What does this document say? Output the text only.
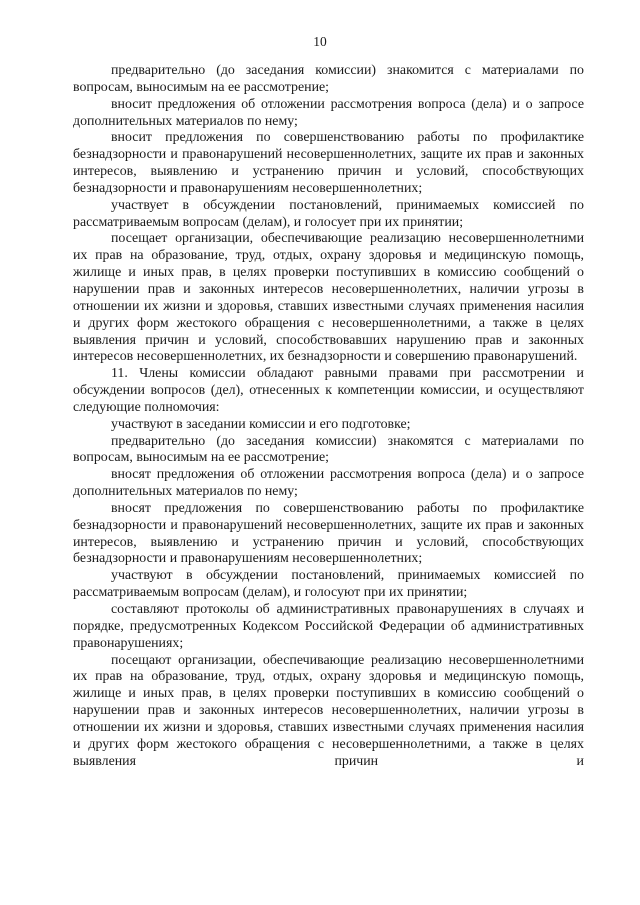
10

предварительно (до заседания комиссии) знакомится с материалами по вопросам, выносимым на ее рассмотрение;

вносит предложения об отложении рассмотрения вопроса (дела) и о запросе дополнительных материалов по нему;

вносит предложения по совершенствованию работы по профилактике безнадзорности и правонарушений несовершеннолетних, защите их прав и законных интересов, выявлению и устранению причин и условий, способствующих безнадзорности и правонарушениям несовершеннолетних;

участвует в обсуждении постановлений, принимаемых комиссией по рассматриваемым вопросам (делам), и голосует при их принятии;

посещает организации, обеспечивающие реализацию несовершеннолетними их прав на образование, труд, отдых, охрану здоровья и медицинскую помощь, жилище и иных прав, в целях проверки поступивших в комиссию сообщений о нарушении прав и законных интересов несовершеннолетних, наличии угрозы в отношении их жизни и здоровья, ставших известными случаях применения насилия и других форм жестокого обращения с несовершеннолетними, а также в целях выявления причин и условий, способствовавших нарушению прав и законных интересов несовершеннолетних, их безнадзорности и совершению правонарушений.

11. Члены комиссии обладают равными правами при рассмотрении и обсуждении вопросов (дел), отнесенных к компетенции комиссии, и осуществляют следующие полномочия:

участвуют в заседании комиссии и его подготовке;

предварительно (до заседания комиссии) знакомятся с материалами по вопросам, выносимым на ее рассмотрение;

вносят предложения об отложении рассмотрения вопроса (дела) и о запросе дополнительных материалов по нему;

вносят предложения по совершенствованию работы по профилактике безнадзорности и правонарушений несовершеннолетних, защите их прав и законных интересов, выявлению и устранению причин и условий, способствующих безнадзорности и правонарушениям несовершеннолетних;

участвуют в обсуждении постановлений, принимаемых комиссией по рассматриваемым вопросам (делам), и голосуют при их принятии;

составляют протоколы об административных правонарушениях в случаях и порядке, предусмотренных Кодексом Российской Федерации об административных правонарушениях;

посещают организации, обеспечивающие реализацию несовершеннолетними их прав на образование, труд, отдых, охрану здоровья и медицинскую помощь, жилище и иных прав, в целях проверки поступивших в комиссию сообщений о нарушении прав и законных интересов несовершеннолетних, наличии угрозы в отношении их жизни и здоровья, ставших известными случаях применения насилия и других форм жестокого обращения с несовершеннолетними, а также в целях выявления причин и
